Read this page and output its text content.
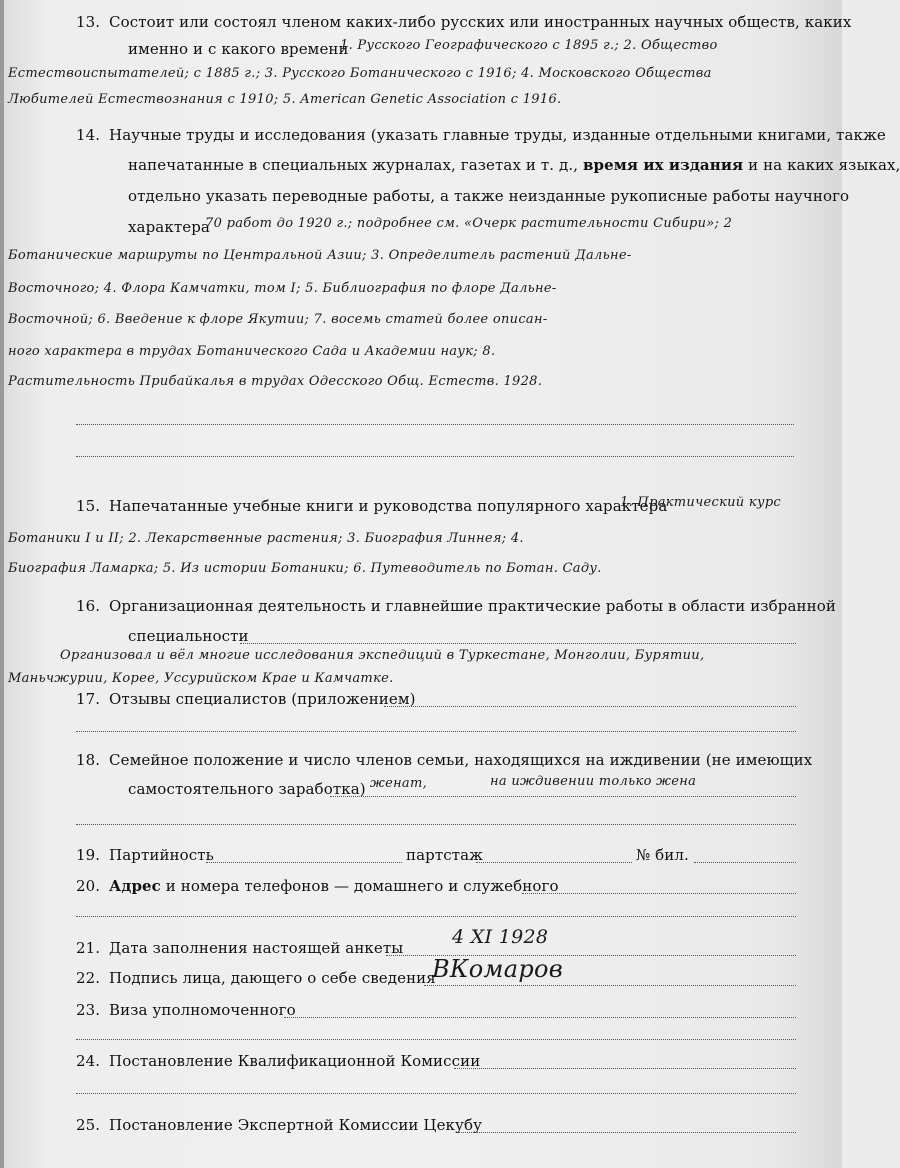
13. Состоит или состоял членом каких-либо русских или иностранных научных обществ, каких
именно и с какого времени
1. Русского Географического с 1895 г.; 2. Общество
Естествоиспытателей; с 1885 г.; 3. Русского Ботанического с 1916; 4. Московского Общества
Любителей Естествознания с 1910; 5. American Genetic Association с 1916.
14. Научные труды и исследования (указать главные труды, изданные отдельными книгами, также
напечатанные в специальных журналах, газетах и т. д., время их издания и на каких языках,
отдельно указать переводные работы, а также неизданные рукописные работы научного
характера
70 работ до 1920 г.; подробнее см. «Очерк растительности Сибири»; 2
Ботанические маршруты по Центральной Азии; 3. Определитель растений Дальне-
Восточного; 4. Флора Камчатки, том I; 5. Библиография по флоре Дальне-
Восточной; 6. Введение к флоре Якутии; 7. восемь статей более описан-
ного характера в трудах Ботанического Сада и Академии наук; 8.
Растительность Прибайкалья в трудах Одесского Общ. Естеств. 1928.
15. Напечатанные учебные книги и руководства популярного характера
1. Практический курс
Ботаники I и II; 2. Лекарственные растения; 3. Биография Линнея; 4.
Биография Ламарка; 5. Из истории Ботаники; 6. Путеводитель по Ботан. Саду.
16. Организационная деятельность и главнейшие практические работы в области избранной
специальности
Организовал и вёл многие исследования экспедиций в Туркестане, Монголии, Бурятии,
Маньчжурии, Корее, Уссурийском Крае и Камчатке.
17. Отзывы специалистов (приложением)
18. Семейное положение и число членов семьи, находящихся на иждивении (не имеющих
самостоятельного заработка) женат,	на иждивении только жена
19. Партийность	партстаж	№ бил.
20. Адрес и номера телефонов — домашнего и служебного
21. Дата заполнения настоящей анкеты	4 XI 1928
22. Подпись лица, дающего о себе сведения
ВКомаров
23. Виза уполномоченного
24. Постановление Квалификационной Комиссии
25. Постановление Экспертной Комиссии Цекубу
